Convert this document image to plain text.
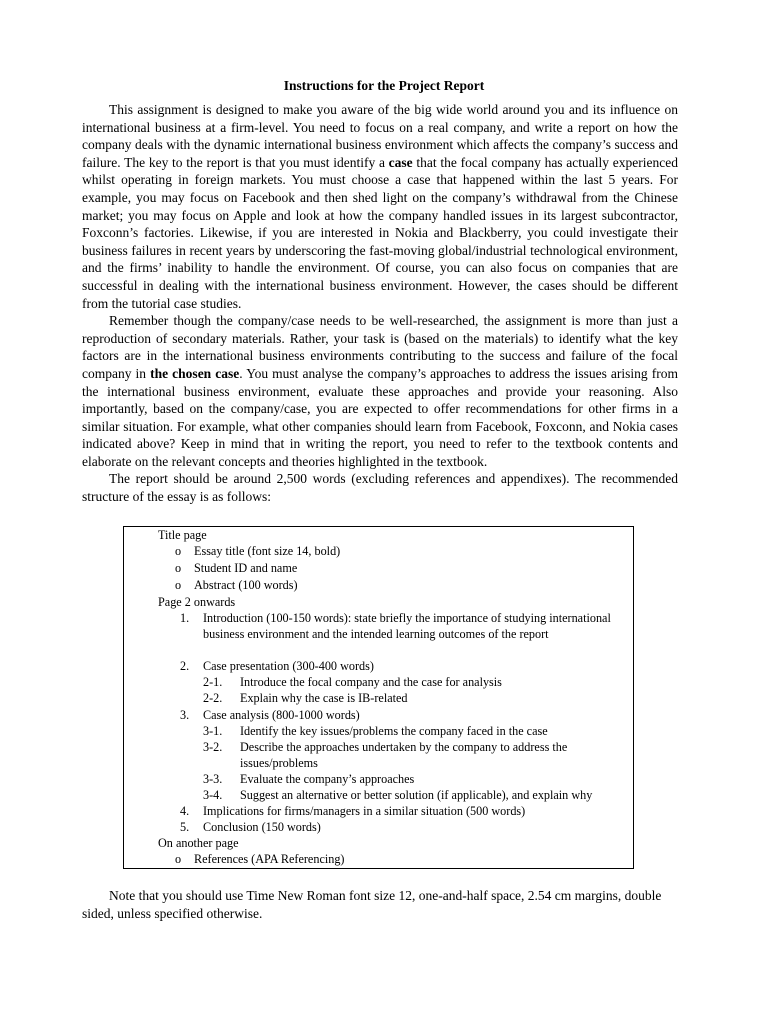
Instructions for the Project Report

This assignment is designed to make you aware of the big wide world around you and its influence on international business at a firm-level. You need to focus on a real company, and write a report on how the company deals with the dynamic international business environment which affects the company’s success and failure. The key to the report is that you must identify a case that the focal company has actually experienced whilst operating in foreign markets. You must choose a case that happened within the last 5 years. For example, you may focus on Facebook and then shed light on the company’s withdrawal from the Chinese market; you may focus on Apple and look at how the company handled issues in its largest subcontractor, Foxconn’s factories. Likewise, if you are interested in Nokia and Blackberry, you could investigate their business failures in recent years by underscoring the fast-moving global/industrial technological environment, and the firms’ inability to handle the environment. Of course, you can also focus on companies that are successful in dealing with the international business environment. However, the cases should be different from the tutorial case studies.

Remember though the company/case needs to be well-researched, the assignment is more than just a reproduction of secondary materials. Rather, your task is (based on the materials) to identify what the key factors are in the international business environments contributing to the success and failure of the focal company in the chosen case. You must analyse the company’s approaches to address the issues arising from the international business environment, evaluate these approaches and provide your reasoning. Also importantly, based on the company/case, you are expected to offer recommendations for other firms in a similar situation. For example, what other companies should learn from Facebook, Foxconn, and Nokia cases indicated above? Keep in mind that in writing the report, you need to refer to the textbook contents and elaborate on the relevant concepts and theories highlighted in the textbook.

The report should be around 2,500 words (excluding references and appendixes). The recommended structure of the essay is as follows:

Title page
o Essay title (font size 14, bold)
o Student ID and name
o Abstract (100 words)
Page 2 onwards
1. Introduction (100-150 words): state briefly the importance of studying international business environment and the intended learning outcomes of the report
2. Case presentation (300-400 words)
2-1. Introduce the focal company and the case for analysis
2-2. Explain why the case is IB-related
3. Case analysis (800-1000 words)
3-1. Identify the key issues/problems the company faced in the case
3-2. Describe the approaches undertaken by the company to address the issues/problems
3-3. Evaluate the company’s approaches
3-4. Suggest an alternative or better solution (if applicable), and explain why
4. Implications for firms/managers in a similar situation (500 words)
5. Conclusion (150 words)
On another page
o References (APA Referencing)

Note that you should use Time New Roman font size 12, one-and-half space, 2.54 cm margins, double sided, unless specified otherwise.
